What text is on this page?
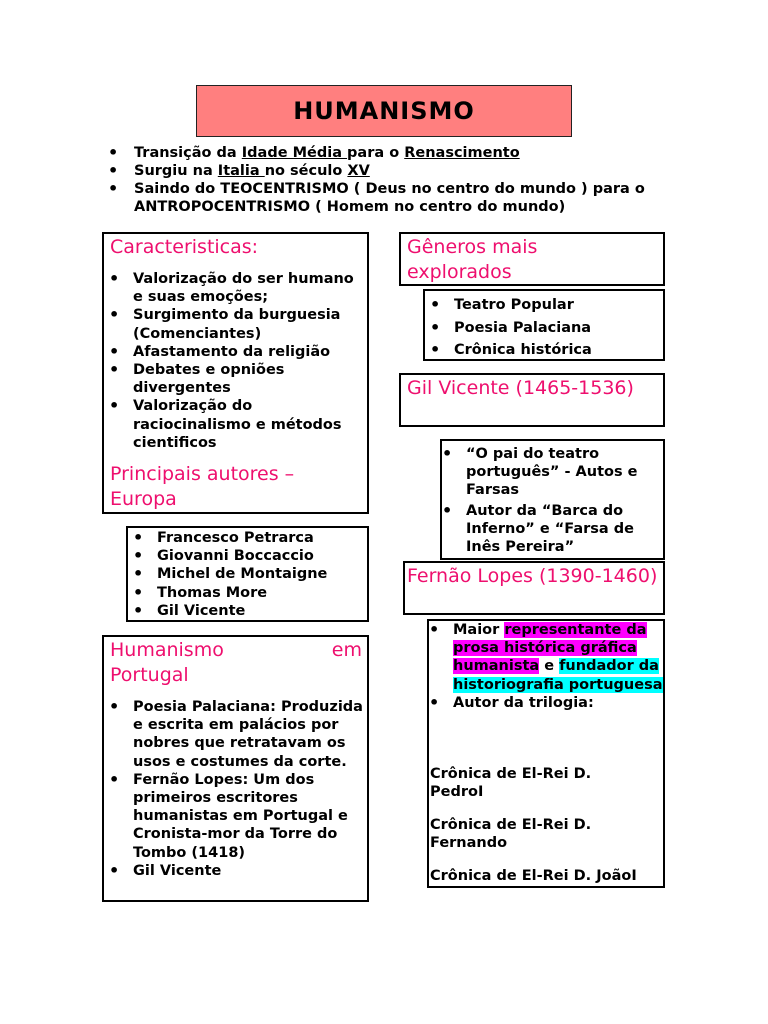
HUMANISMO
• Transição da Idade Média para o Renascimento
• Surgiu na Italia no século XV
• Saindo do TEOCENTRISMO ( Deus no centro do mundo ) para o ANTROPOCENTRISMO ( Homem no centro do mundo)
Caracteristicas:
• Valorização do ser humano e suas emoções;
• Surgimento da burguesia (Comenciantes)
• Afastamento da religião
• Debates e opniões divergentes
• Valorização do raciocinalismo e métodos cientificos
Principais autores – Europa
• Francesco Petrarca
• Giovanni Boccaccio
• Michel de Montaigne
• Thomas More
• Gil Vicente
Humanismo	em
Portugal
• Poesia Palaciana: Produzida e escrita em palácios por nobres que retratavam os usos e costumes da corte.
• Fernão Lopes: Um dos primeiros escritores humanistas em Portugal e Cronista-mor da Torre do Tombo (1418)
• Gil Vicente
Gêneros mais explorados
• Teatro Popular
• Poesia Palaciana
• Crônica histórica
Gil Vicente (1465-1536)
• “O pai do teatro português” - Autos e Farsas
• Autor da “Barca do Inferno” e “Farsa de Inês Pereira”
Fernão Lopes (1390-1460)
• Maior representante da prosa histórica gráfica humanista e fundador da historiografia portuguesa
• Autor da trilogia:
Crônica de El-Rei D. PedroI
Crônica de El-Rei D. Fernando
Crônica de El-Rei D. JoãoI
